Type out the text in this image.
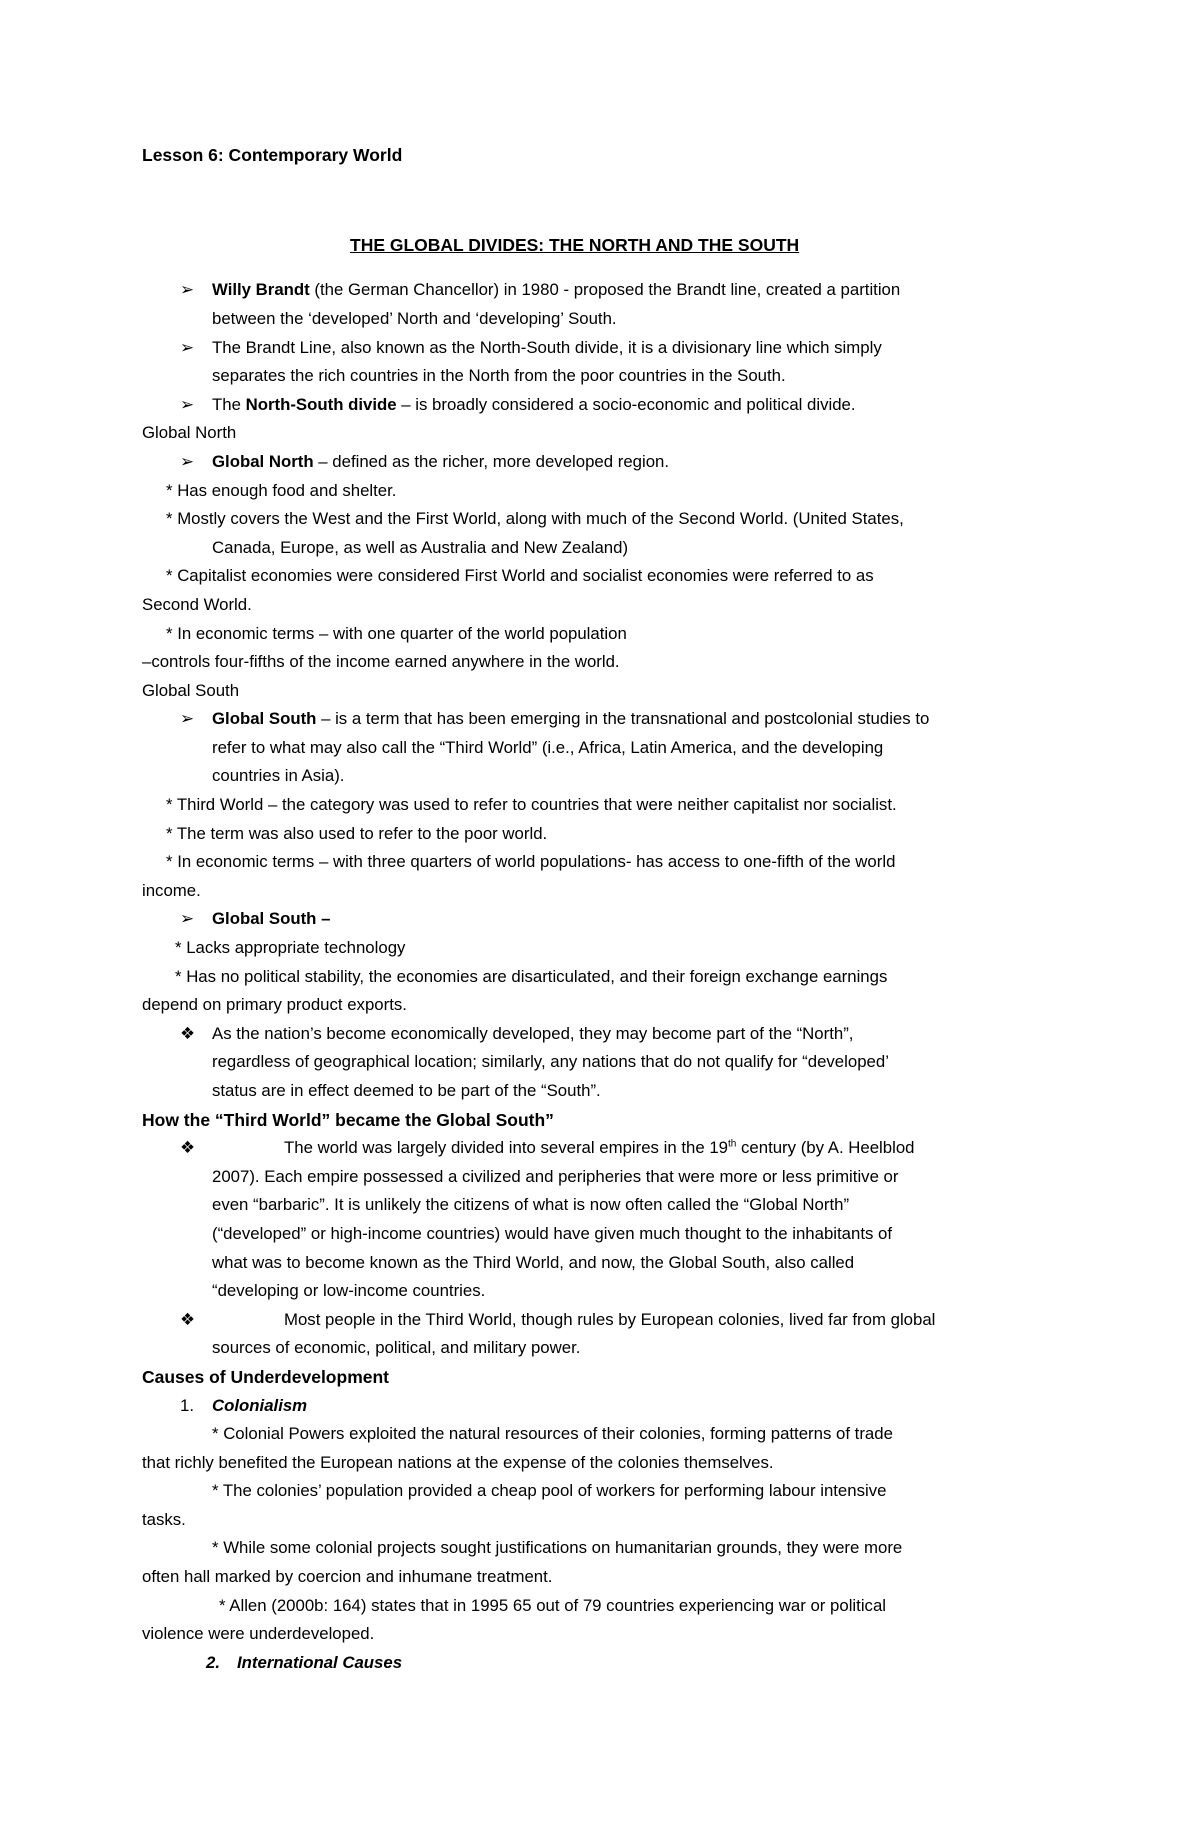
Lesson 6: Contemporary World
THE GLOBAL DIVIDES: THE NORTH AND THE SOUTH
➢ Willy Brandt (the German Chancellor) in 1980 - proposed the Brandt line, created a partition
between the ‘developed’ North and ‘developing’ South.
➢ The Brandt Line, also known as the North-South divide, it is a divisionary line which simply
separates the rich countries in the North from the poor countries in the South.
➢ The North-South divide – is broadly considered a socio-economic and political divide.
Global North
➢ Global North – defined as the richer, more developed region.
* Has enough food and shelter.
* Mostly covers the West and the First World, along with much of the Second World. (United States,
Canada, Europe, as well as Australia and New Zealand)
* Capitalist economies were considered First World and socialist economies were referred to as
Second World.
* In economic terms – with one quarter of the world population
–controls four-fifths of the income earned anywhere in the world.
Global South
➢ Global South – is a term that has been emerging in the transnational and postcolonial studies to
refer to what may also call the “Third World” (i.e., Africa, Latin America, and the developing
countries in Asia).
* Third World – the category was used to refer to countries that were neither capitalist nor socialist.
* The term was also used to refer to the poor world.
* In economic terms – with three quarters of world populations- has access to one-fifth of the world
income.
➢ Global South –
* Lacks appropriate technology
* Has no political stability, the economies are disarticulated, and their foreign exchange earnings
depend on primary product exports.
❖ As the nation’s become economically developed, they may become part of the “North”,
regardless of geographical location; similarly, any nations that do not qualify for “developed’
status are in effect deemed to be part of the “South”.
How the “Third World” became the Global South”
❖	The world was largely divided into several empires in the 19th century (by A. Heelblod
2007). Each empire possessed a civilized and peripheries that were more or less primitive or
even “barbaric”. It is unlikely the citizens of what is now often called the “Global North”
(“developed” or high-income countries) would have given much thought to the inhabitants of
what was to become known as the Third World, and now, the Global South, also called
“developing or low-income countries.
❖	Most people in the Third World, though rules by European colonies, lived far from global
sources of economic, political, and military power.
Causes of Underdevelopment
1. Colonialism
* Colonial Powers exploited the natural resources of their colonies, forming patterns of trade
that richly benefited the European nations at the expense of the colonies themselves.
* The colonies’ population provided a cheap pool of workers for performing labour intensive
tasks.
* While some colonial projects sought justifications on humanitarian grounds, they were more
often hall marked by coercion and inhumane treatment.
* Allen (2000b: 164) states that in 1995 65 out of 79 countries experiencing war or political
violence were underdeveloped.
2. International Causes
